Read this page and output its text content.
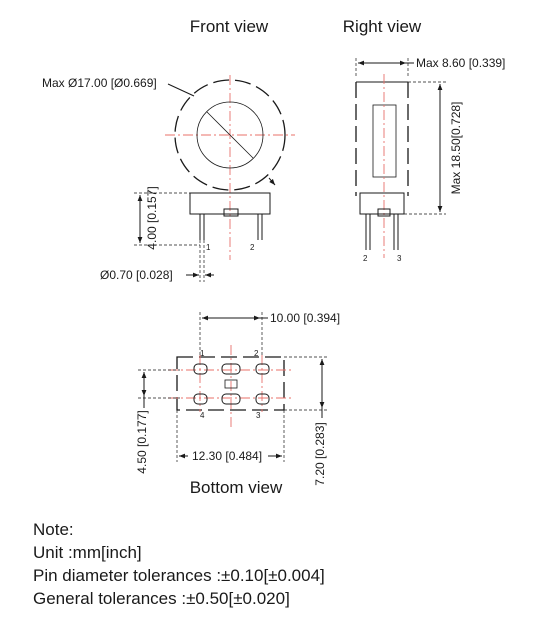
Front view
Max Ø17.00 [Ø0.669]
1	2
4.00 [0.157]
Ø0.70 [0.028]
Right view
Max 8.60 [0.339]
2	3
Max 18.50[0.728]
10.00 [0.394]
1	2
4	3
4.50 [0.177]	12.30 [0.484]	7.20 [0.283]
Bottom view
Note:
Unit :mm[inch]
Pin diameter tolerances :±0.10[±0.004]
General tolerances :±0.50[±0.020]
